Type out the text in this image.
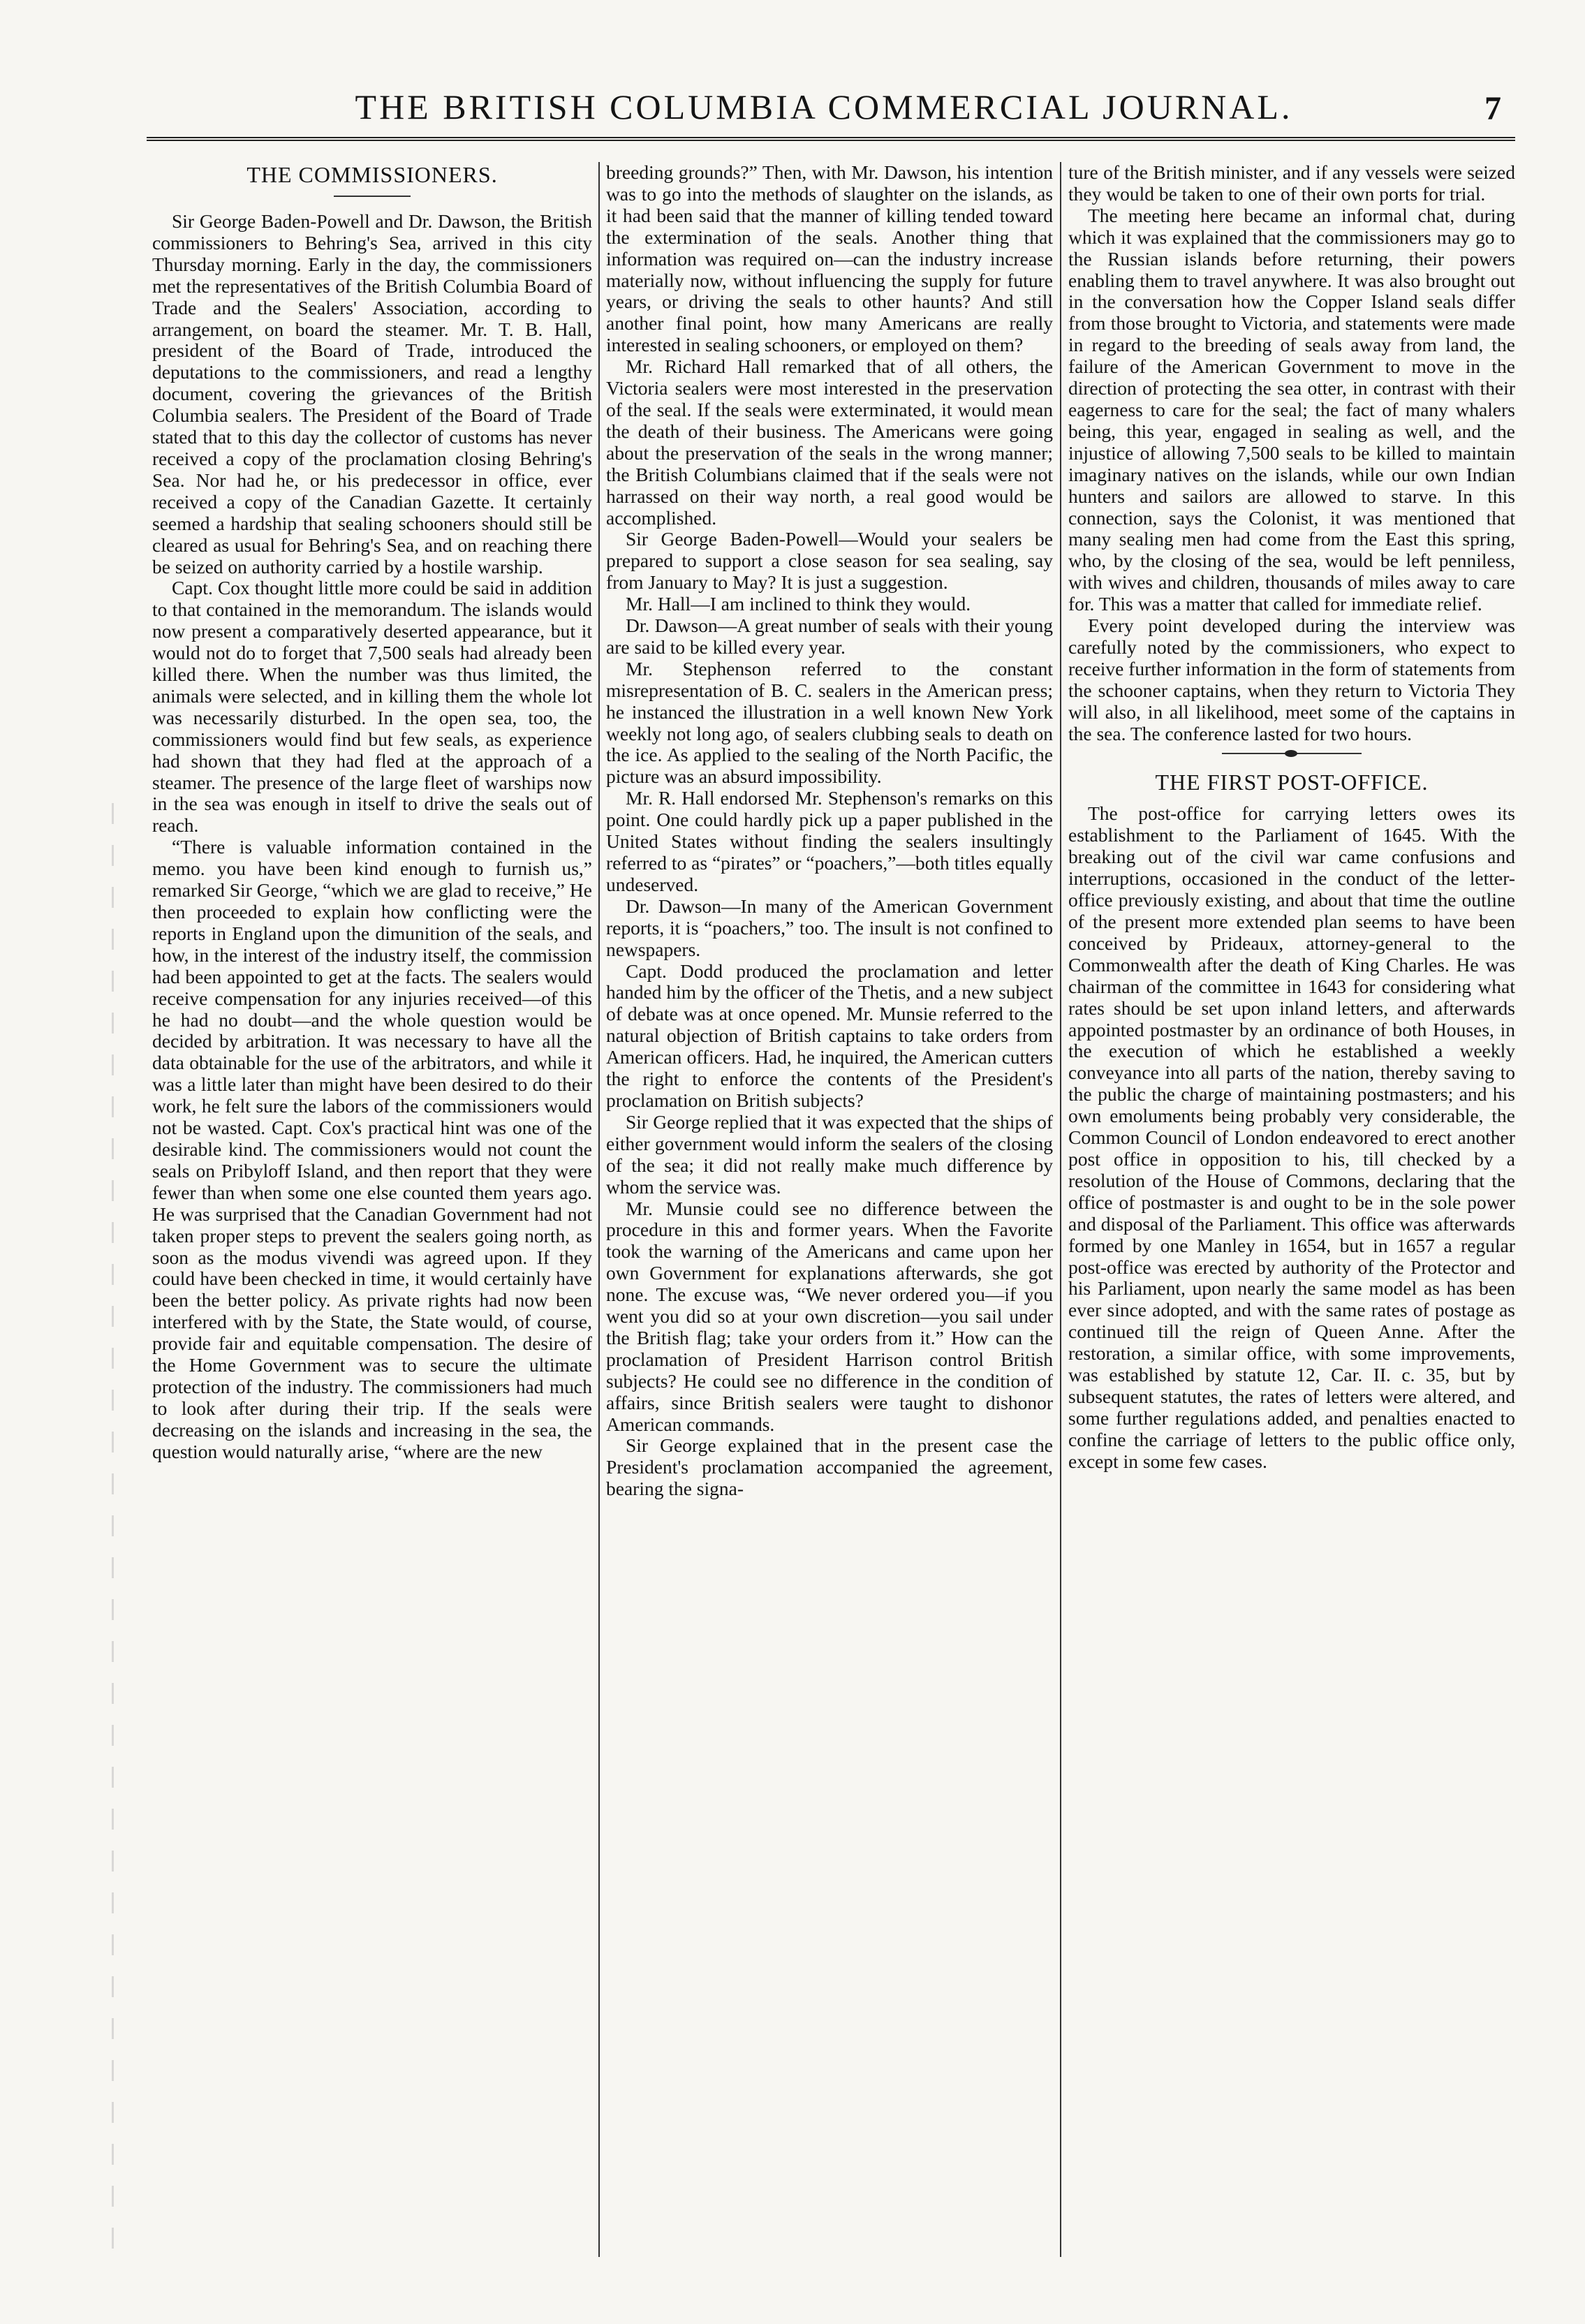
THE BRITISH COLUMBIA COMMERCIAL JOURNAL.	7
THE COMMISSIONERS.

Sir George Baden-Powell and Dr. Dawson, the British commissioners to Behring's Sea, arrived in this city Thursday morning. Early in the day, the commissioners met the representatives of the British Columbia Board of Trade and the Sealers' Association, according to arrangement, on board the steamer. Mr. T. B. Hall, president of the Board of Trade, introduced the deputations to the commissioners, and read a lengthy document, covering the grievances of the British Columbia sealers. The President of the Board of Trade stated that to this day the collector of customs has never received a copy of the proclamation closing Behring's Sea. Nor had he, or his predecessor in office, ever received a copy of the Canadian Gazette. It certainly seemed a hardship that sealing schooners should still be cleared as usual for Behring's Sea, and on reaching there be seized on authority carried by a hostile warship.

Capt. Cox thought little more could be said in addition to that contained in the memorandum. The islands would now present a comparatively deserted appearance, but it would not do to forget that 7,500 seals had already been killed there. When the number was thus limited, the animals were selected, and in killing them the whole lot was necessarily disturbed. In the open sea, too, the commissioners would find but few seals, as experience had shown that they had fled at the approach of a steamer. The presence of the large fleet of warships now in the sea was enough in itself to drive the seals out of reach.

“There is valuable information contained in the memo. you have been kind enough to furnish us,” remarked Sir George, “which we are glad to receive,” He then proceeded to explain how conflicting were the reports in England upon the dimunition of the seals, and how, in the interest of the industry itself, the commission had been appointed to get at the facts. The sealers would receive compensation for any injuries received—of this he had no doubt—and the whole question would be decided by arbitration. It was necessary to have all the data obtainable for the use of the arbitrators, and while it was a little later than might have been desired to do their work, he felt sure the labors of the commissioners would not be wasted. Capt. Cox's practical hint was one of the desirable kind. The commissioners would not count the seals on Pribyloff Island, and then report that they were fewer than when some one else counted them years ago. He was surprised that the Canadian Government had not taken proper steps to prevent the sealers going north, as soon as the modus vivendi was agreed upon. If they could have been checked in time, it would certainly have been the better policy. As private rights had now been interfered with by the State, the State would, of course, provide fair and equitable compensation. The desire of the Home Government was to secure the ultimate protection of the industry. The commissioners had much to look after during their trip. If the seals were decreasing on the islands and increasing in the sea, the question would naturally arise, “where are the new

breeding grounds?” Then, with Mr. Dawson, his intention was to go into the methods of slaughter on the islands, as it had been said that the manner of killing tended toward the extermination of the seals. Another thing that information was required on—can the industry increase materially now, without influencing the supply for future years, or driving the seals to other haunts? And still another final point, how many Americans are really interested in sealing schooners, or employed on them?

Mr. Richard Hall remarked that of all others, the Victoria sealers were most interested in the preservation of the seal. If the seals were exterminated, it would mean the death of their business. The Americans were going about the preservation of the seals in the wrong manner; the British Columbians claimed that if the seals were not harrassed on their way north, a real good would be accomplished.

Sir George Baden-Powell—Would your sealers be prepared to support a close season for sea sealing, say from January to May? It is just a suggestion.

Mr. Hall—I am inclined to think they would.

Dr. Dawson—A great number of seals with their young are said to be killed every year.

Mr. Stephenson referred to the constant misrepresentation of B. C. sealers in the American press; he instanced the illustration in a well known New York weekly not long ago, of sealers clubbing seals to death on the ice. As applied to the sealing of the North Pacific, the picture was an absurd impossibility.

Mr. R. Hall endorsed Mr. Stephenson's remarks on this point. One could hardly pick up a paper published in the United States without finding the sealers insultingly referred to as “pirates” or “poachers,”—both titles equally undeserved.

Dr. Dawson—In many of the American Government reports, it is “poachers,” too. The insult is not confined to newspapers.

Capt. Dodd produced the proclamation and letter handed him by the officer of the Thetis, and a new subject of debate was at once opened. Mr. Munsie referred to the natural objection of British captains to take orders from American officers. Had, he inquired, the American cutters the right to enforce the contents of the President's proclamation on British subjects?

Sir George replied that it was expected that the ships of either government would inform the sealers of the closing of the sea; it did not really make much difference by whom the service was.

Mr. Munsie could see no difference between the procedure in this and former years. When the Favorite took the warning of the Americans and came upon her own Government for explanations afterwards, she got none. The excuse was, “We never ordered you—if you went you did so at your own discretion—you sail under the British flag; take your orders from it.” How can the proclamation of President Harrison control British subjects? He could see no difference in the condition of affairs, since British sealers were taught to dishonor American commands.

Sir George explained that in the present case the President's proclamation accompanied the agreement, bearing the signa-

ture of the British minister, and if any vessels were seized they would be taken to one of their own ports for trial.

The meeting here became an informal chat, during which it was explained that the commissioners may go to the Russian islands before returning, their powers enabling them to travel anywhere. It was also brought out in the conversation how the Copper Island seals differ from those brought to Victoria, and statements were made in regard to the breeding of seals away from land, the failure of the American Government to move in the direction of protecting the sea otter, in contrast with their eagerness to care for the seal; the fact of many whalers being, this year, engaged in sealing as well, and the injustice of allowing 7,500 seals to be killed to maintain imaginary natives on the islands, while our own Indian hunters and sailors are allowed to starve. In this connection, says the Colonist, it was mentioned that many sealing men had come from the East this spring, who, by the closing of the sea, would be left penniless, with wives and children, thousands of miles away to care for. This was a matter that called for immediate relief.

Every point developed during the interview was carefully noted by the commissioners, who expect to receive further information in the form of statements from the schooner captains, when they return to Victoria They will also, in all likelihood, meet some of the captains in the sea. The conference lasted for two hours.

THE FIRST POST-OFFICE.

The post-office for carrying letters owes its establishment to the Parliament of 1645. With the breaking out of the civil war came confusions and interruptions, occasioned in the conduct of the letter-office previously existing, and about that time the outline of the present more extended plan seems to have been conceived by Prideaux, attorney-general to the Commonwealth after the death of King Charles. He was chairman of the committee in 1643 for considering what rates should be set upon inland letters, and afterwards appointed postmaster by an ordinance of both Houses, in the execution of which he established a weekly conveyance into all parts of the nation, thereby saving to the public the charge of maintaining postmasters; and his own emoluments being probably very considerable, the Common Council of London endeavored to erect another post office in opposition to his, till checked by a resolution of the House of Commons, declaring that the office of postmaster is and ought to be in the sole power and disposal of the Parliament. This office was afterwards formed by one Manley in 1654, but in 1657 a regular post-office was erected by authority of the Protector and his Parliament, upon nearly the same model as has been ever since adopted, and with the same rates of postage as continued till the reign of Queen Anne. After the restoration, a similar office, with some improvements, was established by statute 12, Car. II. c. 35, but by subsequent statutes, the rates of letters were altered, and some further regulations added, and penalties enacted to confine the carriage of letters to the public office only, except in some few cases.
